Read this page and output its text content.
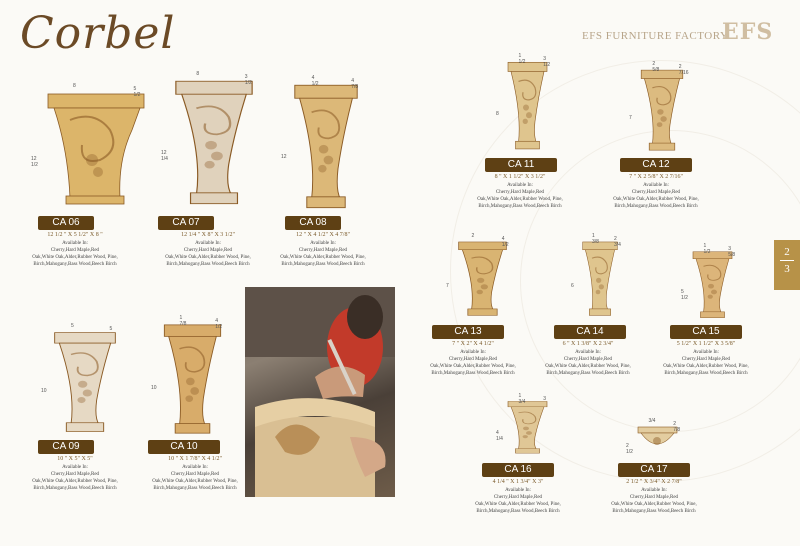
Corbel	EFS FURNITURE FACTORY
EFS
2
3
8	5 1/2
12 1/2
CA 06
12 1/2 " X 5 1/2" X 8 "
Available In:
Cherry,Hard Maple,Red
Oak,White Oak,Alder,Rubber Wood, Pine,
Birch,Mahogany,Bass Wood,Beech Birch
8	3 1/2
12 1/4
CA 07
12 1/4 " X 8" X 3 1/2"
Available In:
Cherry,Hard Maple,Red
Oak,White Oak,Alder,Rubber Wood, Pine,
Birch,Mahogany,Bass Wood,Beech Birch
4 1/2	4 7/8
12
CA 08
12 " X 4 1/2" X 4 7/8"
Available In:
Cherry,Hard Maple,Red
Oak,White Oak,Alder,Rubber Wood, Pine,
Birch,Mahogany,Bass Wood,Beech Birch
5	5
10
CA 09
10 " X 5" X 5"
Available In:
Cherry,Hard Maple,Red
Oak,White Oak,Alder,Rubber Wood, Pine,
Birch,Mahogany,Bass Wood,Beech Birch
1 7/8	4 1/2
10
CA 10
10 " X 1 7/8" X 4 1/2"
Available In:
Cherry,Hard Maple,Red
Oak,White Oak,Alder,Rubber Wood, Pine,
Birch,Mahogany,Bass Wood,Beech Birch
1 1/2	3 1/2
8
CA 11
8 " X 1 1/2" X 3 1/2"
Available In:
Cherry,Hard Maple,Red
Oak,White Oak,Alder,Rubber Wood, Pine,
Birch,Mahogany,Bass Wood,Beech Birch
2 5/8	2 7/16
7
CA 12
7 " X 2 5/8" X 2 7/16"
Available In:
Cherry,Hard Maple,Red
Oak,White Oak,Alder,Rubber Wood, Pine,
Birch,Mahogany,Bass Wood,Beech Birch
2	4 1/2
7
CA 13
7 " X 2" X 4 1/2"
Available In:
Cherry,Hard Maple,Red
Oak,White Oak,Alder,Rubber Wood, Pine,
Birch,Mahogany,Bass Wood,Beech Birch
1 3/8	2 3/4
6
CA 14
6 " X 1 3/8" X 2 3/4"
Available In:
Cherry,Hard Maple,Red
Oak,White Oak,Alder,Rubber Wood, Pine,
Birch,Mahogany,Bass Wood,Beech Birch
1 1/2	3 5/8
5 1/2
CA 15
5 1/2" X 1 1/2" X 3 5/8"
Available In:
Cherry,Hard Maple,Red
Oak,White Oak,Alder,Rubber Wood, Pine,
Birch,Mahogany,Bass Wood,Beech Birch
1 3/4	3
4 1/4
CA 16
4 1/4 " X 1 3/4" X 3"
Available In:
Cherry,Hard Maple,Red
Oak,White Oak,Alder,Rubber Wood, Pine,
Birch,Mahogany,Bass Wood,Beech Birch
3/4	2 7/8
2 1/2
CA 17
2 1/2 " X 3/4" X 2 7/8"
Available In:
Cherry,Hard Maple,Red
Oak,White Oak,Alder,Rubber Wood, Pine,
Birch,Mahogany,Bass Wood,Beech Birch
